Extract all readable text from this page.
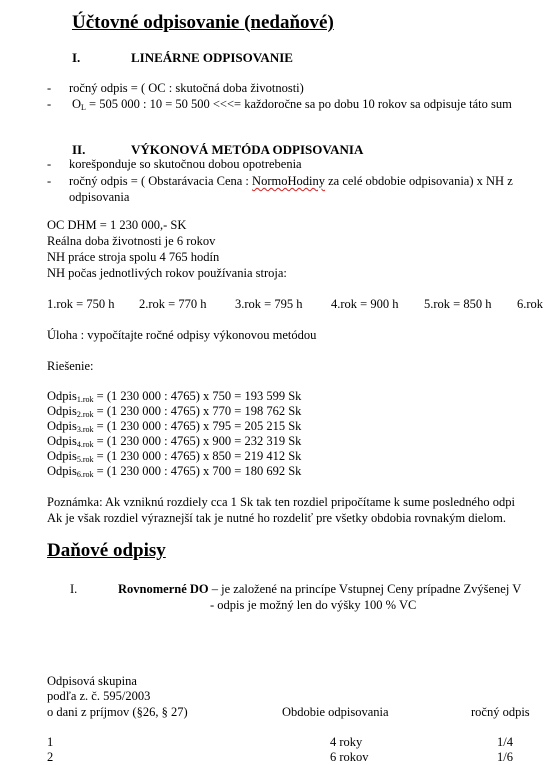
Účtovné odpisovanie (nedaňové)
I.	LINEÁRNE ODPISOVANIE
- ročný odpis = ( OC : skutočná doba životnosti)
- $O_L = 505$ 000 : 10 = 50 500 <<<= každoročne sa po dobu 10 rokov sa odpisuje táto sum
II.	VÝKONOVÁ METÓDA ODPISOVANIA
- korešponduje so skutočnou dobou opotrebenia
- ročný odpis = ( Obstarávacia Cena : NormoHodiny za celé obdobie odpisovania) x NH z
odpisovania
OC DHM = 1 230 000,- SK
Reálna doba životnosti je 6 rokov
NH práce stroja spolu 4 765 hodín
NH počas jednotlivých rokov používania stroja:
1.rok = 750 h 2.rok = 770 h 3.rok = 795 h 4.rok = 900 h 5.rok = 850 h 6.rok
Úloha : vypočítajte ročné odpisy výkonovou metódou
Riešenie:
Odpis$_{1.rok}$ = (1 230 000 : 4765) x 750 = 193 599 Sk
Odpis$_{2.rok}$ = (1 230 000 : 4765) x 770 = 198 762 Sk
Odpis$_{3.rok}$ = (1 230 000 : 4765) x 795 = 205 215 Sk
Odpis$_{4.rok}$ = (1 230 000 : 4765) x 900 = 232 319 Sk
Odpis$_{5.rok}$ = (1 230 000 : 4765) x 850 = 219 412 Sk
Odpis$_{6.rok}$ = (1 230 000 : 4765) x 700 = 180 692 Sk
Poznámka: Ak vzniknú rozdiely cca 1 Sk tak ten rozdiel pripočítame k sume posledného odpi
Ak je však rozdiel výraznejší tak je nutné ho rozdeliť pre všetky obdobia rovnakým dielom.
Daňové odpisy
I.	Rovnomerné DO – je založené na princípe Vstupnej Ceny prípadne Zvýšenej V
- odpis je možný len do výšky 100 % VC
Odpisová skupina
podľa z. č. 595/2003
o dani z príjmov (§26, § 27)	Obdobie odpisovania	ročný odpis
1	4 roky	1/4
2	6 rokov	1/6
